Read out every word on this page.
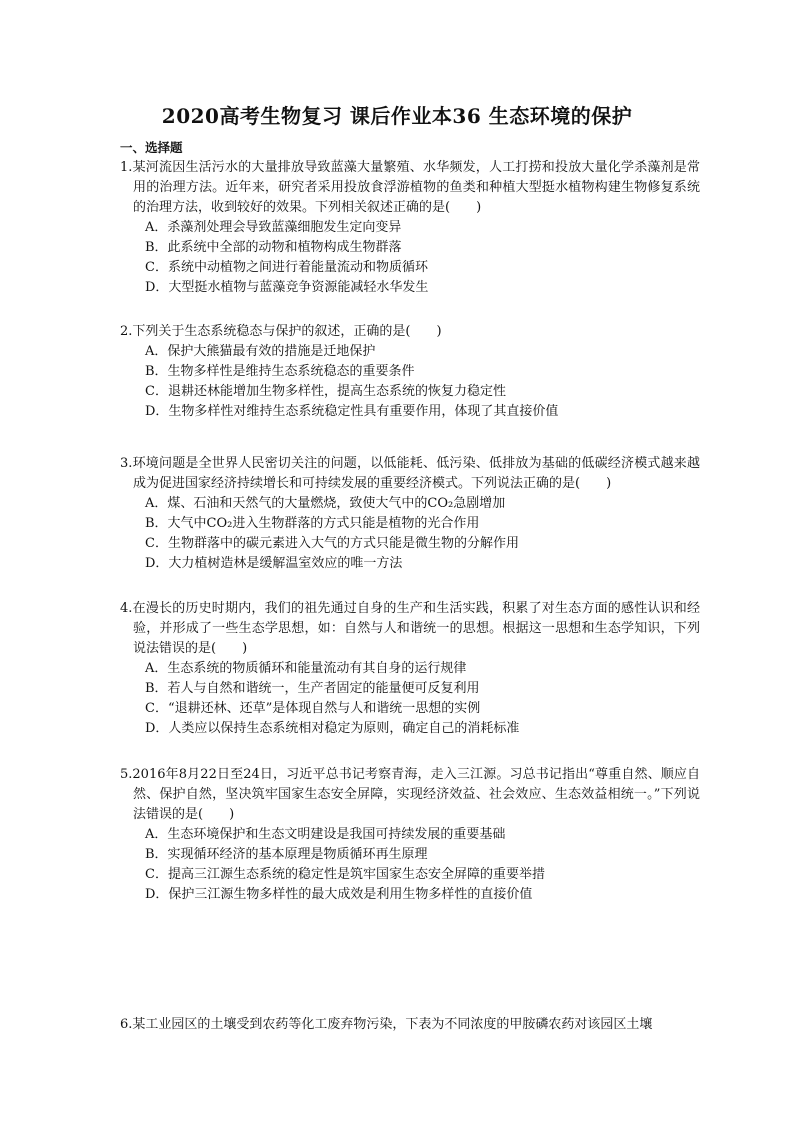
2020高考生物复习 课后作业本36 生态环境的保护
一、选择题
1.某河流因生活污水的大量排放导致蓝藻大量繁殖、水华频发，人工打捞和投放大量化学杀藻剂是常用的治理方法。近年来，研究者采用投放食浮游植物的鱼类和种植大型挺水植物构建生物修复系统的治理方法，收到较好的效果。下列相关叙述正确的是(　　)
A．杀藻剂处理会导致蓝藻细胞发生定向变异
B．此系统中全部的动物和植物构成生物群落
C．系统中动植物之间进行着能量流动和物质循环
D．大型挺水植物与蓝藻竞争资源能减轻水华发生
2.下列关于生态系统稳态与保护的叙述，正确的是(　　)
A．保护大熊猫最有效的措施是迁地保护
B．生物多样性是维持生态系统稳态的重要条件
C．退耕还林能增加生物多样性，提高生态系统的恢复力稳定性
D．生物多样性对维持生态系统稳定性具有重要作用，体现了其直接价值
3.环境问题是全世界人民密切关注的问题，以低能耗、低污染、低排放为基础的低碳经济模式越来越成为促进国家经济持续增长和可持续发展的重要经济模式。下列说法正确的是(　　)
A．煤、石油和天然气的大量燃烧，致使大气中的CO₂急剧增加
B．大气中CO₂进入生物群落的方式只能是植物的光合作用
C．生物群落中的碳元素进入大气的方式只能是微生物的分解作用
D．大力植树造林是缓解温室效应的唯一方法
4.在漫长的历史时期内，我们的祖先通过自身的生产和生活实践，积累了对生态方面的感性认识和经验，并形成了一些生态学思想，如：自然与人和谐统一的思想。根据这一思想和生态学知识，下列说法错误的是(　　)
A．生态系统的物质循环和能量流动有其自身的运行规律
B．若人与自然和谐统一，生产者固定的能量便可反复利用
C．“退耕还林、还草”是体现自然与人和谐统一思想的实例
D．人类应以保持生态系统相对稳定为原则，确定自己的消耗标准
5.2016年8月22日至24日，习近平总书记考察青海，走入三江源。习总书记指出“尊重自然、顺应自然、保护自然，坚决筑牢国家生态安全屏障，实现经济效益、社会效应、生态效益相统一。”下列说法错误的是(　　)
A．生态环境保护和生态文明建设是我国可持续发展的重要基础
B．实现循环经济的基本原理是物质循环再生原理
C．提高三江源生态系统的稳定性是筑牢国家生态安全屏障的重要举措
D．保护三江源生物多样性的最大成效是利用生物多样性的直接价值
6.某工业园区的土壤受到农药等化工废弃物污染，下表为不同浓度的甲胺磷农药对该园区土壤
